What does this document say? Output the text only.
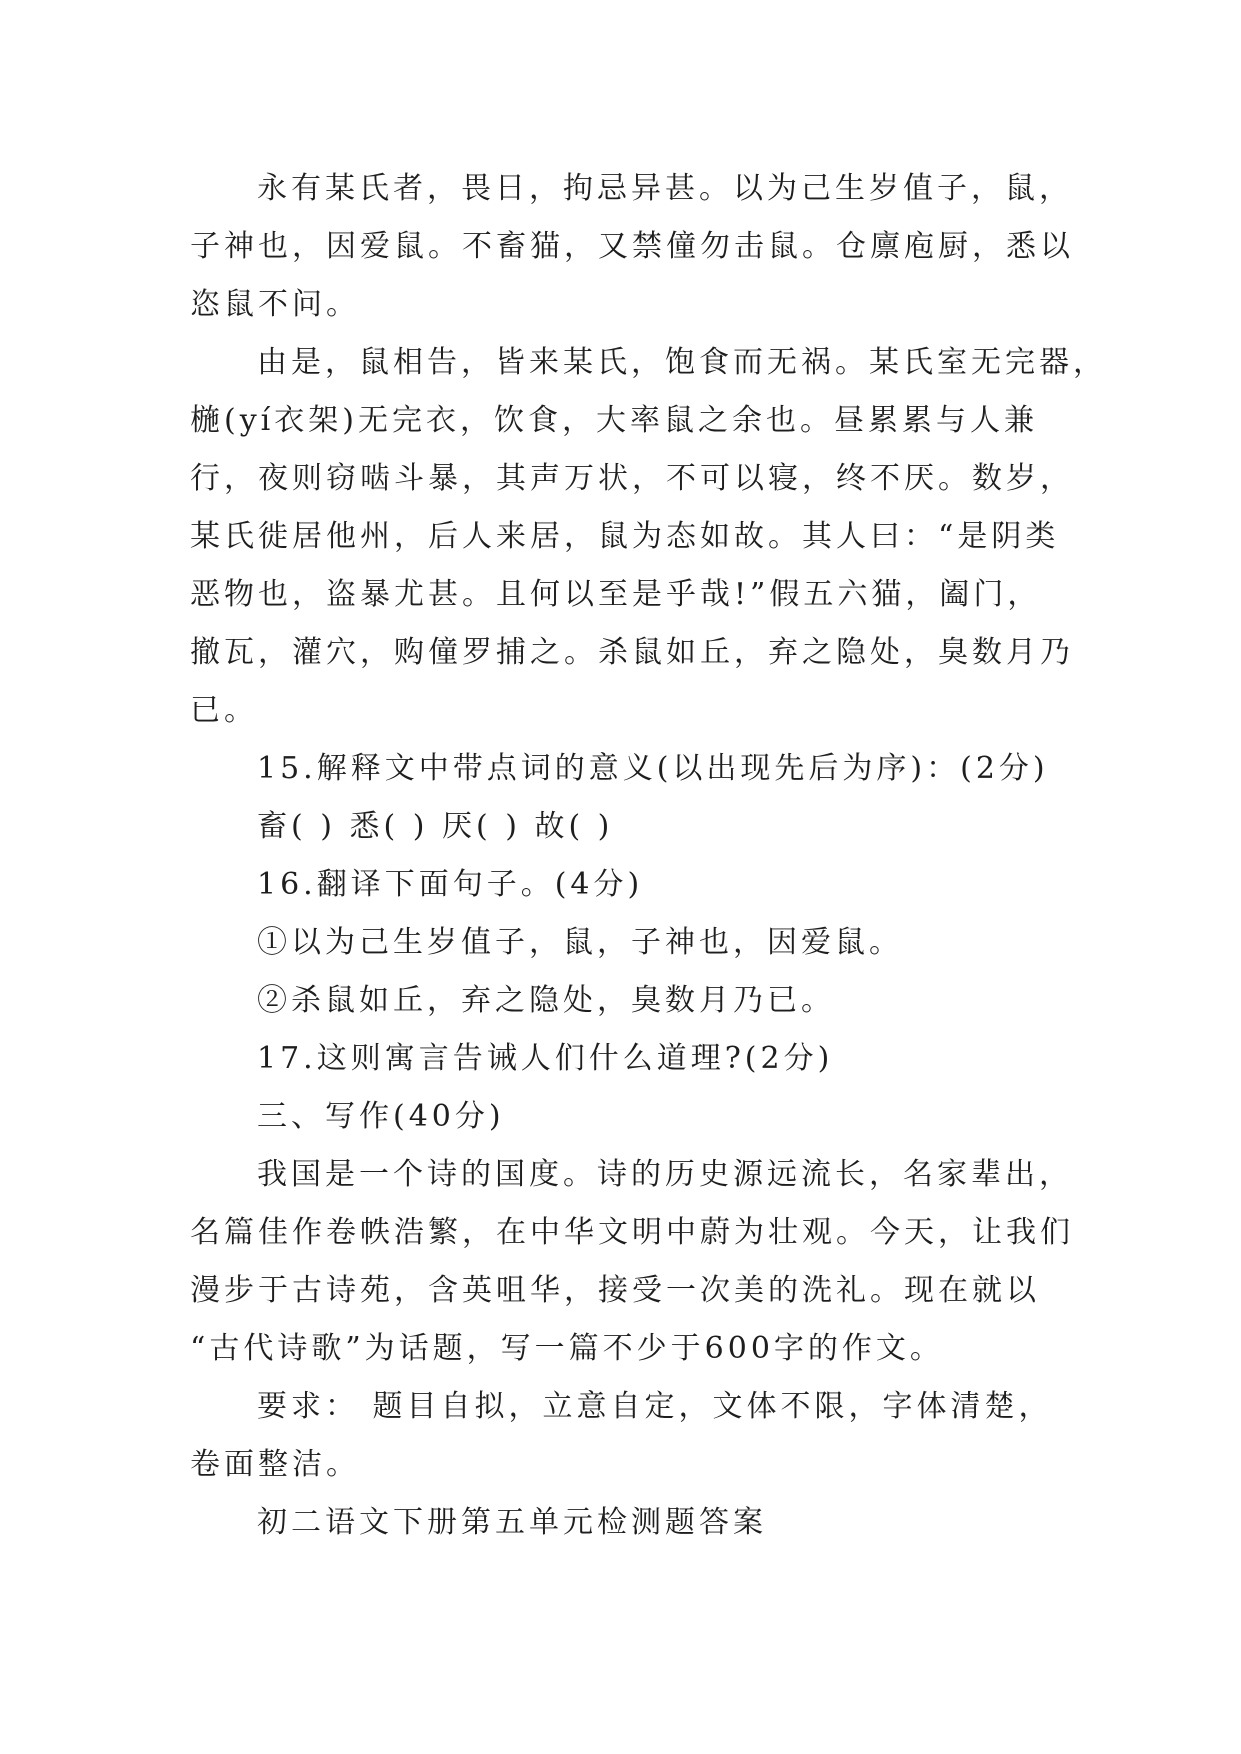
永有某氏者，畏日，拘忌异甚。以为己生岁值子，鼠，
子神也，因爱鼠。不畜猫，又禁僮勿击鼠。仓廪庖厨，悉以
恣鼠不问。
由是，鼠相告，皆来某氏，饱食而无祸。某氏室无完器，
椸(yí衣架)无完衣，饮食，大率鼠之余也。昼累累与人兼
行，夜则窃啮斗暴，其声万状，不可以寝，终不厌。数岁，
某氏徙居他州，后人来居，鼠为态如故。其人曰：“是阴类
恶物也，盗暴尤甚。且何以至是乎哉!”假五六猫，阖门，
撤瓦，灌穴，购僮罗捕之。杀鼠如丘，弃之隐处，臭数月乃
已。
15.解释文中带点词的意义(以出现先后为序)：(2分)
畜( ) 悉( ) 厌( ) 故( )
16.翻译下面句子。(4分)
①以为己生岁值子，鼠，子神也，因爱鼠。
②杀鼠如丘，弃之隐处，臭数月乃已。
17.这则寓言告诫人们什么道理?(2分)
三、写作(40分)
我国是一个诗的国度。诗的历史源远流长，名家辈出，
名篇佳作卷帙浩繁，在中华文明中蔚为壮观。今天，让我们
漫步于古诗苑，含英咀华，接受一次美的洗礼。现在就以
“古代诗歌”为话题，写一篇不少于600字的作文。
要求： 题目自拟，立意自定，文体不限，字体清楚，
卷面整洁。
初二语文下册第五单元检测题答案
